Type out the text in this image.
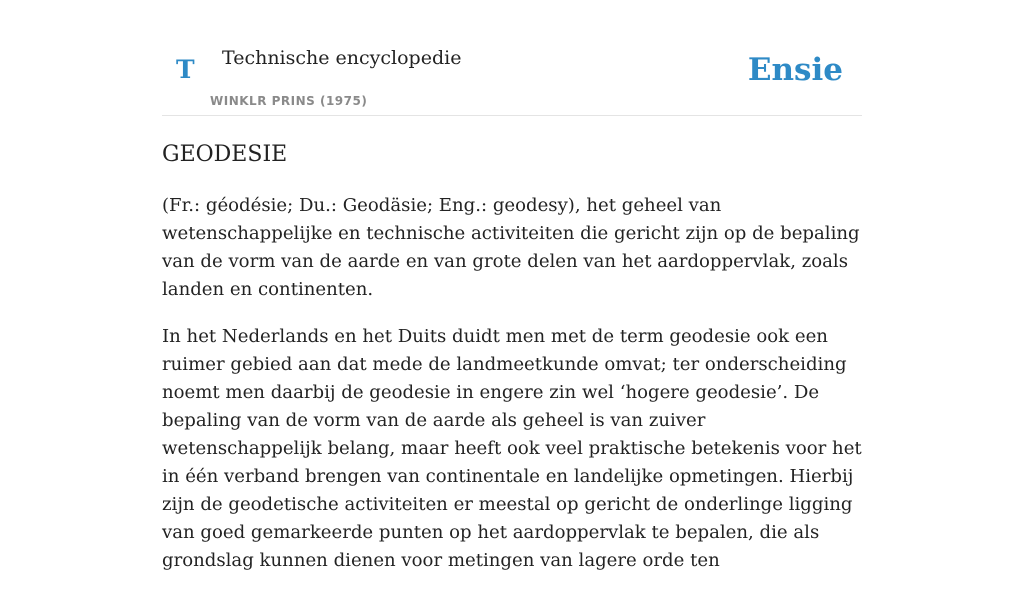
T Technische encyclopedie
WINKLR PRINS (1975)
Ensie
GEODESIE

(Fr.: géodésie; Du.: Geodäsie; Eng.: geodesy), het geheel van wetenschappelijke en technische activiteiten die gericht zijn op de bepaling van de vorm van de aarde en van grote delen van het aardoppervlak, zoals landen en continenten.

In het Nederlands en het Duits duidt men met de term geodesie ook een ruimer gebied aan dat mede de landmeetkunde omvat; ter onderscheiding noemt men daarbij de geodesie in engere zin wel ‘hogere geodesie’. De bepaling van de vorm van de aarde als geheel is van zuiver wetenschappelijk belang, maar heeft ook veel praktische betekenis voor het in één verband brengen van continentale en landelijke opmetingen. Hierbij zijn de geodetische activiteiten er meestal op gericht de onderlinge ligging van goed gemarkeerde punten op het aardoppervlak te bepalen, die als grondslag kunnen dienen voor metingen van lagere orde ten
